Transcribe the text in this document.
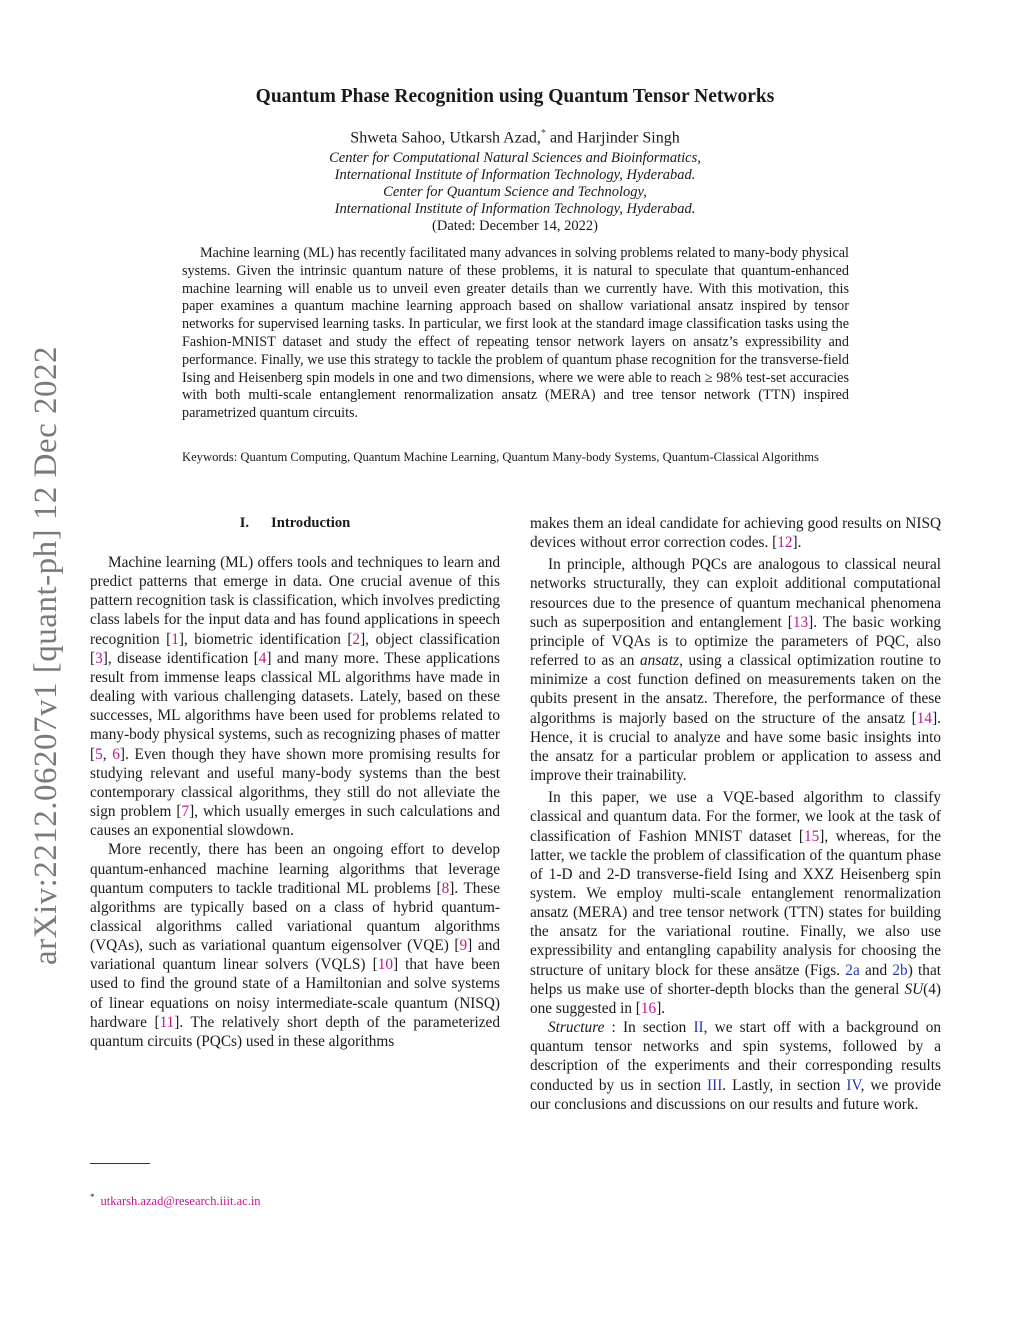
arXiv:2212.06207v1 [quant-ph] 12 Dec 2022
Quantum Phase Recognition using Quantum Tensor Networks
Shweta Sahoo, Utkarsh Azad,* and Harjinder Singh
Center for Computational Natural Sciences and Bioinformatics,
International Institute of Information Technology, Hyderabad.
Center for Quantum Science and Technology,
International Institute of Information Technology, Hyderabad.
(Dated: December 14, 2022)
Machine learning (ML) has recently facilitated many advances in solving problems related to many-body physical systems. Given the intrinsic quantum nature of these problems, it is natural to speculate that quantum-enhanced machine learning will enable us to unveil even greater details than we currently have. With this motivation, this paper examines a quantum machine learning approach based on shallow variational ansatz inspired by tensor networks for supervised learning tasks. In particular, we first look at the standard image classification tasks using the Fashion-MNIST dataset and study the effect of repeating tensor network layers on ansatz’s expressibility and performance. Finally, we use this strategy to tackle the problem of quantum phase recognition for the transverse-field Ising and Heisenberg spin models in one and two dimensions, where we were able to reach ≥ 98% test-set accuracies with both multi-scale entanglement renormalization ansatz (MERA) and tree tensor network (TTN) inspired parametrized quantum circuits.
Keywords: Quantum Computing, Quantum Machine Learning, Quantum Many-body Systems, Quantum-Classical Algorithms
I. Introduction

Machine learning (ML) offers tools and techniques to learn and predict patterns that emerge in data. One crucial avenue of this pattern recognition task is classification, which involves predicting class labels for the input data and has found applications in speech recognition [1], biometric identification [2], object classification [3], disease identification [4] and many more. These applications result from immense leaps classical ML algorithms have made in dealing with various challenging datasets. Lately, based on these successes, ML algorithms have been used for problems related to many-body physical systems, such as recognizing phases of matter [5, 6]. Even though they have shown more promising results for studying relevant and useful many-body systems than the best contemporary classical algorithms, they still do not alleviate the sign problem [7], which usually emerges in such calculations and causes an exponential slowdown.

More recently, there has been an ongoing effort to develop quantum-enhanced machine learning algorithms that leverage quantum computers to tackle traditional ML problems [8]. These algorithms are typically based on a class of hybrid quantum-classical algorithms called variational quantum algorithms (VQAs), such as variational quantum eigensolver (VQE) [9] and variational quantum linear solvers (VQLS) [10] that have been used to find the ground state of a Hamiltonian and solve systems of linear equations on noisy intermediate-scale quantum (NISQ) hardware [11]. The relatively short depth of the parameterized quantum circuits (PQCs) used in these algorithms

makes them an ideal candidate for achieving good results on NISQ devices without error correction codes. [12].

In principle, although PQCs are analogous to classical neural networks structurally, they can exploit additional computational resources due to the presence of quantum mechanical phenomena such as superposition and entanglement [13]. The basic working principle of VQAs is to optimize the parameters of PQC, also referred to as an ansatz, using a classical optimization routine to minimize a cost function defined on measurements taken on the qubits present in the ansatz. Therefore, the performance of these algorithms is majorly based on the structure of the ansatz [14]. Hence, it is crucial to analyze and have some basic insights into the ansatz for a particular problem or application to assess and improve their trainability.

In this paper, we use a VQE-based algorithm to classify classical and quantum data. For the former, we look at the task of classification of Fashion MNIST dataset [15], whereas, for the latter, we tackle the problem of classification of the quantum phase of 1-D and 2-D transverse-field Ising and XXZ Heisenberg spin system. We employ multi-scale entanglement renormalization ansatz (MERA) and tree tensor network (TTN) states for building the ansatz for the variational routine. Finally, we also use expressibility and entangling capability analysis for choosing the structure of unitary block for these ansätze (Figs. 2a and 2b) that helps us make use of shorter-depth blocks than the general SU(4) one suggested in [16].

Structure : In section II, we start off with a background on quantum tensor networks and spin systems, followed by a description of the experiments and their corresponding results conducted by us in section III. Lastly, in section IV, we provide our conclusions and discussions on our results and future work.

* utkarsh.azad@research.iiit.ac.in
